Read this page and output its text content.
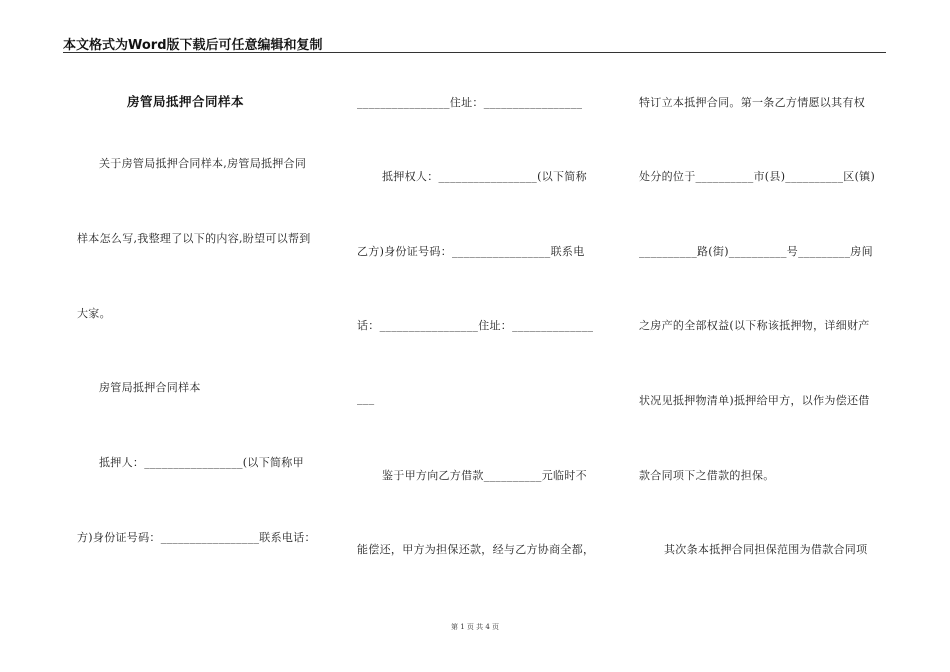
本文格式为Word版下载后可任意编辑和复制
房管局抵押合同样本
关于房管局抵押合同样本,房管局抵押合同
样本怎么写,我整理了以下的内容,盼望可以帮到
大家。
房管局抵押合同样本
抵押人：_________________(以下简称甲
方)身份证号码：_________________联系电话：
________________住址：_________________
抵押权人：_________________(以下简称
乙方)身份证号码：_________________联系电
话：_________________住址：______________
___
鉴于甲方向乙方借款__________元临时不
能偿还，甲方为担保还款，经与乙方协商全都，
特订立本抵押合同。第一条乙方情愿以其有权
处分的位于__________市(县)__________区(镇)
__________路(街)__________号_________房间
之房产的全部权益(以下称该抵押物，详细财产
状况见抵押物清单)抵押给甲方，以作为偿还借
款合同项下之借款的担保。
其次条本抵押合同担保范围为借款合同项
第 1 页 共 4 页
